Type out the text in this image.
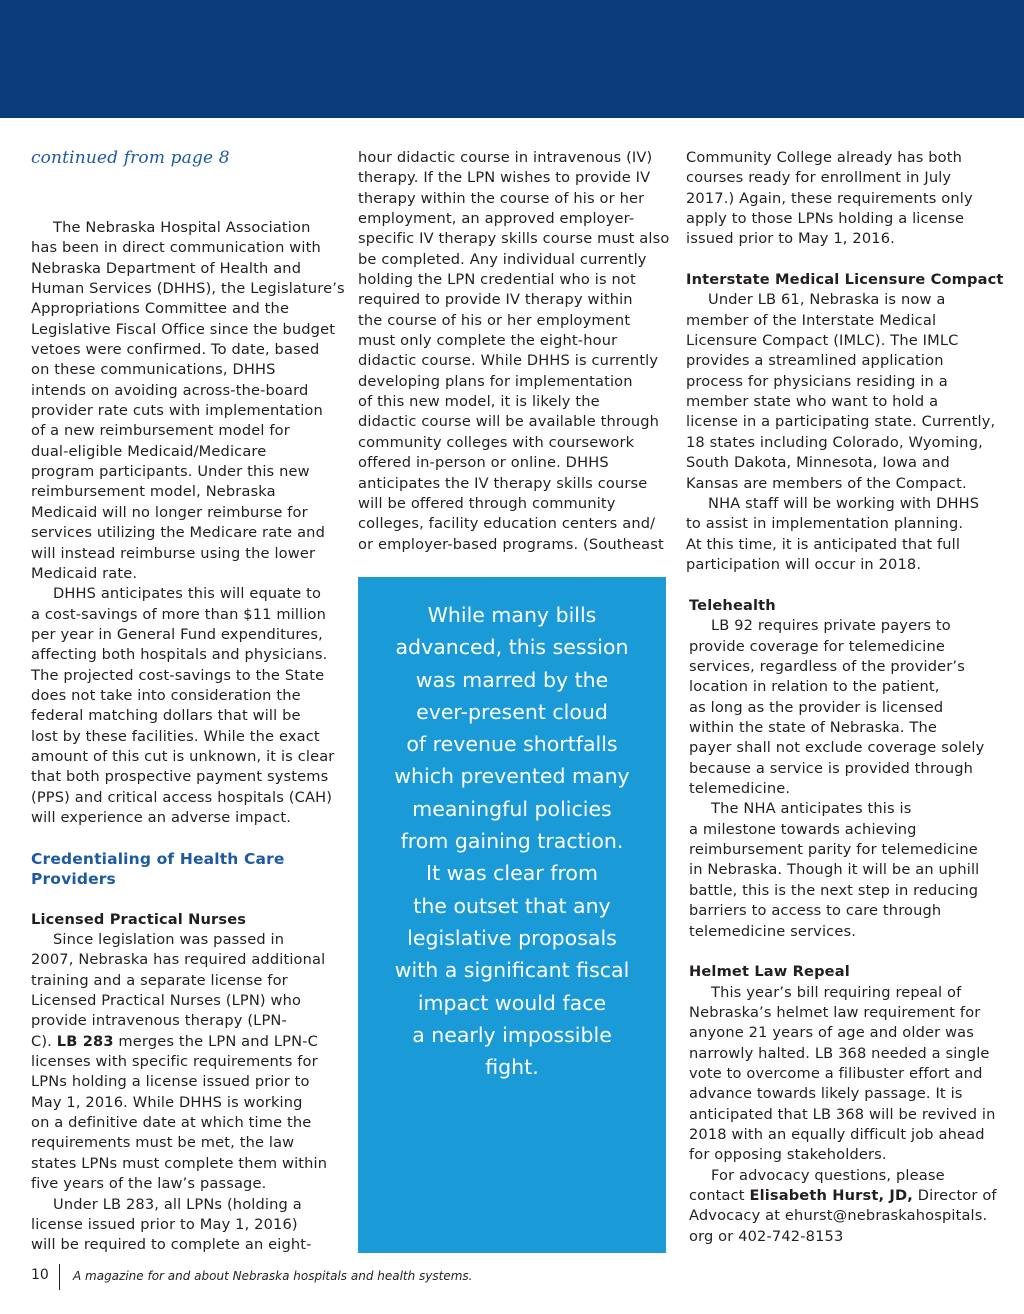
continued from page 8

The Nebraska Hospital Association

has been in direct communication with

Nebraska Department of Health and

Human Services (DHHS), the Legislature’s

Appropriations Committee and the

Legislative Fiscal Office since the budget

vetoes were confirmed. To date, based

on these communications, DHHS

intends on avoiding across-the-board

provider rate cuts with implementation

of a new reimbursement model for

dual-eligible Medicaid/Medicare

program participants. Under this new

reimbursement model, Nebraska

Medicaid will no longer reimburse for

services utilizing the Medicare rate and

will instead reimburse using the lower

Medicaid rate.

DHHS anticipates this will equate to

a cost-savings of more than $11 million

per year in General Fund expenditures,

affecting both hospitals and physicians.

The projected cost-savings to the State

does not take into consideration the

federal matching dollars that will be

lost by these facilities. While the exact

amount of this cut is unknown, it is clear

that both prospective payment systems

(PPS) and critical access hospitals (CAH)

will experience an adverse impact.

Credentialing of Health Care

Providers

Licensed Practical Nurses

Since legislation was passed in

2007, Nebraska has required additional

training and a separate license for

Licensed Practical Nurses (LPN) who

provide intravenous therapy (LPN-

C). LB 283 merges the LPN and LPN-C

licenses with specific requirements for

LPNs holding a license issued prior to

May 1, 2016. While DHHS is working

on a definitive date at which time the

requirements must be met, the law

states LPNs must complete them within

five years of the law’s passage.

Under LB 283, all LPNs (holding a

license issued prior to May 1, 2016)

will be required to complete an eight-

hour didactic course in intravenous (IV)

therapy. If the LPN wishes to provide IV

therapy within the course of his or her

employment, an approved employer-

specific IV therapy skills course must also

be completed. Any individual currently

holding the LPN credential who is not

required to provide IV therapy within

the course of his or her employment

must only complete the eight-hour

didactic course. While DHHS is currently

developing plans for implementation

of this new model, it is likely the

didactic course will be available through

community colleges with coursework

offered in-person or online. DHHS

anticipates the IV therapy skills course

will be offered through community

colleges, facility education centers and/

or employer-based programs. (Southeast

While many bills

advanced, this session

was marred by the

ever-present cloud

of revenue shortfalls

which prevented many

meaningful policies

from gaining traction.

It was clear from

the outset that any

legislative proposals

with a significant fiscal

impact would face

a nearly impossible

fight.

Community College already has both

courses ready for enrollment in July

2017.) Again, these requirements only

apply to those LPNs holding a license

issued prior to May 1, 2016.

Interstate Medical Licensure Compact

Under LB 61, Nebraska is now a

member of the Interstate Medical

Licensure Compact (IMLC). The IMLC

provides a streamlined application

process for physicians residing in a

member state who want to hold a

license in a participating state. Currently,

18 states including Colorado, Wyoming,

South Dakota, Minnesota, Iowa and

Kansas are members of the Compact.

NHA staff will be working with DHHS

to assist in implementation planning.

At this time, it is anticipated that full

participation will occur in 2018.

Telehealth

LB 92 requires private payers to

provide coverage for telemedicine

services, regardless of the provider’s

location in relation to the patient,

as long as the provider is licensed

within the state of Nebraska. The

payer shall not exclude coverage solely

because a service is provided through

telemedicine.

The NHA anticipates this is

a milestone towards achieving

reimbursement parity for telemedicine

in Nebraska. Though it will be an uphill

battle, this is the next step in reducing

barriers to access to care through

telemedicine services.

Helmet Law Repeal

This year’s bill requiring repeal of

Nebraska’s helmet law requirement for

anyone 21 years of age and older was

narrowly halted. LB 368 needed a single

vote to overcome a filibuster effort and

advance towards likely passage. It is

anticipated that LB 368 will be revived in

2018 with an equally difficult job ahead

for opposing stakeholders.

For advocacy questions, please

contact Elisabeth Hurst, JD, Director of

Advocacy at ehurst@nebraskahospitals.

org or 402-742-8153

10 A magazine for and about Nebraska hospitals and health systems.
